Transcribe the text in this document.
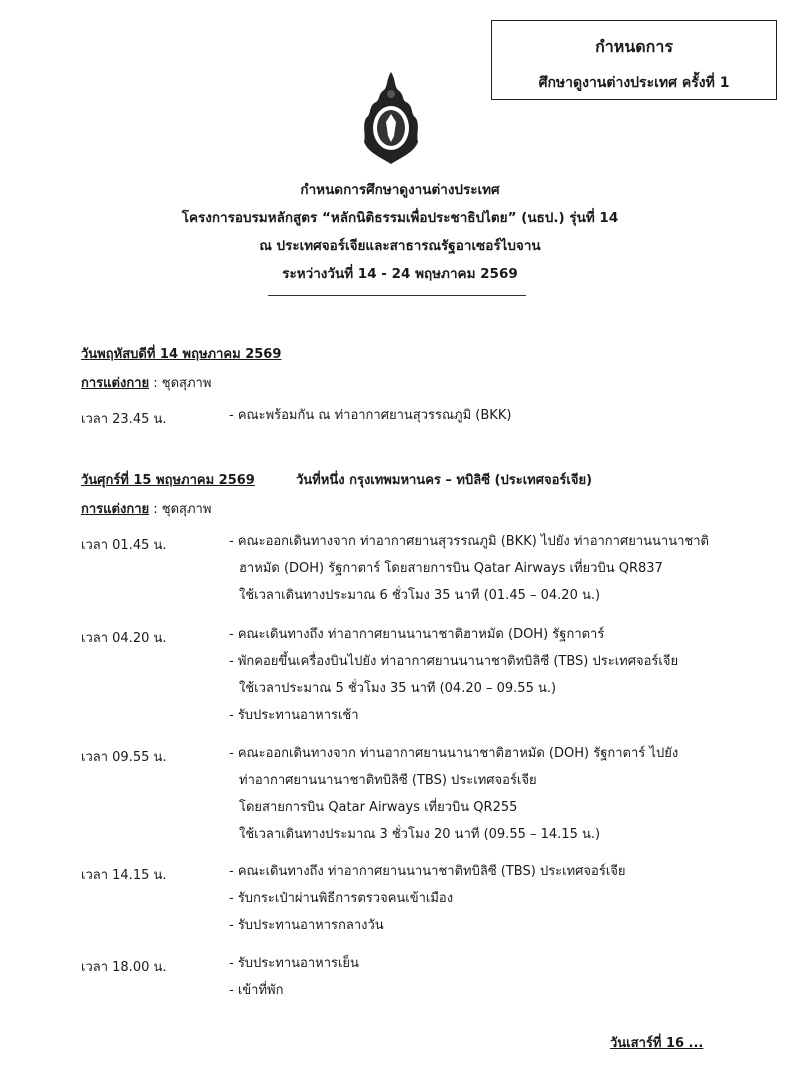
กำหนดการ
ศึกษาดูงานต่างประเทศ ครั้งที่ 1
กำหนดการศึกษาดูงานต่างประเทศ
โครงการอบรมหลักสูตร “หลักนิติธรรมเพื่อประชาธิปไตย” (นธป.) รุ่นที่ 14
ณ ประเทศจอร์เจียและสาธารณรัฐอาเซอร์ไบจาน
ระหว่างวันที่ 14 - 24 พฤษภาคม 2569
วันพฤหัสบดีที่ 14 พฤษภาคม 2569
การแต่งกาย : ชุดสุภาพ
เวลา 23.45 น.	- คณะพร้อมกัน ณ ท่าอากาศยานสุวรรณภูมิ (BKK)
วันศุกร์ที่ 15 พฤษภาคม 2569	วันที่หนึ่ง กรุงเทพมหานคร – ทบิลิซี (ประเทศจอร์เจีย)
การแต่งกาย : ชุดสุภาพ
เวลา 01.45 น.	- คณะออกเดินทางจาก ท่าอากาศยานสุวรรณภูมิ (BKK) ไปยัง ท่าอากาศยานนานาชาติ
ฮาหมัด (DOH) รัฐกาตาร์ โดยสายการบิน Qatar Airways เที่ยวบิน QR837
ใช้เวลาเดินทางประมาณ 6 ชั่วโมง 35 นาที (01.45 – 04.20 น.)
เวลา 04.20 น.	- คณะเดินทางถึง ท่าอากาศยานนานาชาติฮาหมัด (DOH) รัฐกาตาร์
- พักคอยขึ้นเครื่องบินไปยัง ท่าอากาศยานนานาชาติทบิลิซี (TBS) ประเทศจอร์เจีย
ใช้เวลาประมาณ 5 ชั่วโมง 35 นาที (04.20 – 09.55 น.)
- รับประทานอาหารเช้า
เวลา 09.55 น.	- คณะออกเดินทางจาก ท่านอากาศยานนานาชาติฮาหมัด (DOH) รัฐกาตาร์ ไปยัง
ท่าอากาศยานนานาชาติทบิลิซี (TBS) ประเทศจอร์เจีย
โดยสายการบิน Qatar Airways เที่ยวบิน QR255
ใช้เวลาเดินทางประมาณ 3 ชั่วโมง 20 นาที (09.55 – 14.15 น.)
เวลา 14.15 น.	- คณะเดินทางถึง ท่าอากาศยานนานาชาติทบิลิซี (TBS) ประเทศจอร์เจีย
- รับกระเป๋าผ่านพิธีการตรวจคนเข้าเมือง
- รับประทานอาหารกลางวัน
เวลา 18.00 น.	- รับประทานอาหารเย็น
- เข้าที่พัก
วันเสาร์ที่ 16 ...
